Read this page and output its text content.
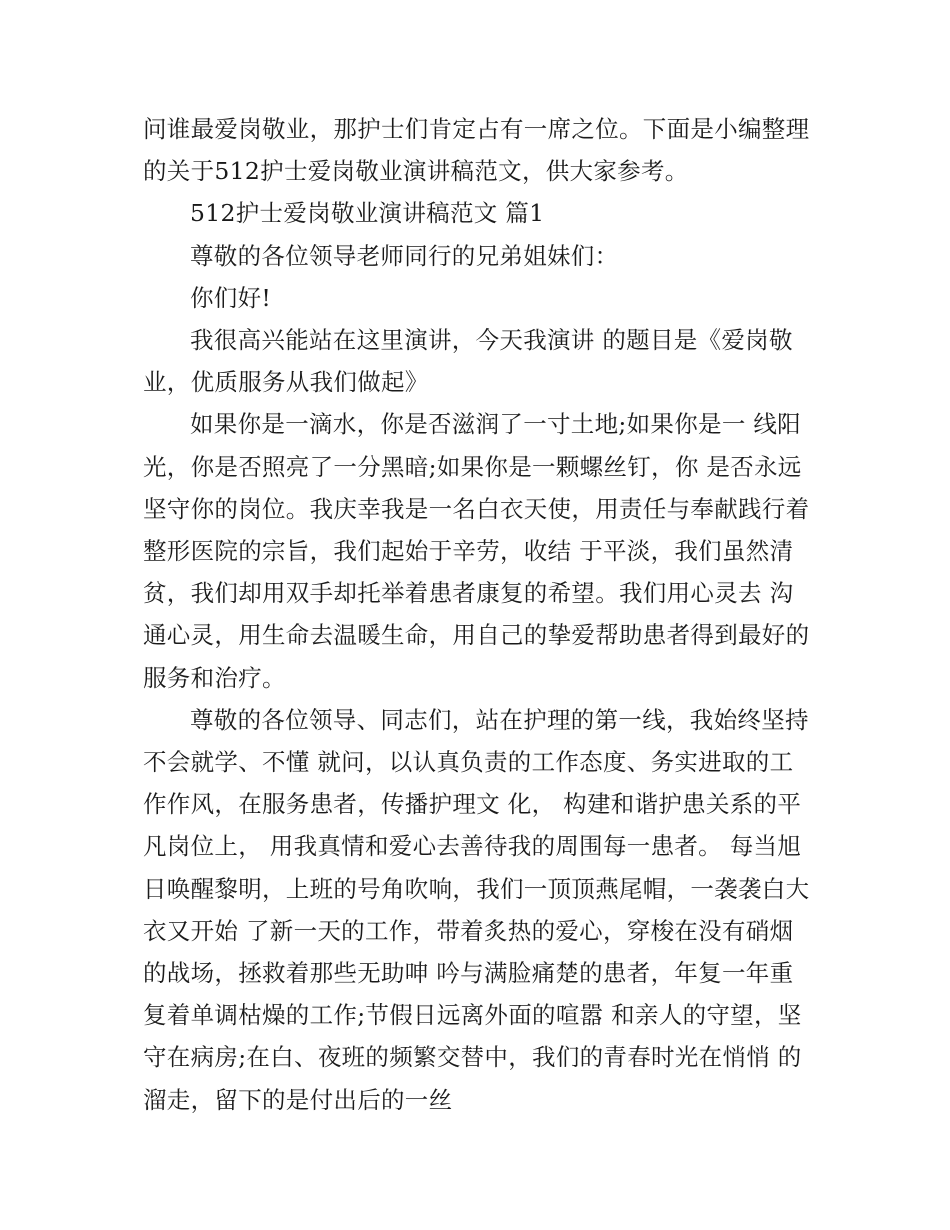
问谁最爱岗敬业，那护士们肯定占有一席之位。下面是小编整理的关于512护士爱岗敬业演讲稿范文，供大家参考。

512护士爱岗敬业演讲稿范文 篇1

尊敬的各位领导老师同行的兄弟姐妹们：

你们好!

我很高兴能站在这里演讲，今天我演讲 的题目是《爱岗敬业，优质服务从我们做起》

如果你是一滴水，你是否滋润了一寸土地;如果你是一 线阳光，你是否照亮了一分黑暗;如果你是一颗螺丝钉，你 是否永远坚守你的岗位。我庆幸我是一名白衣天使，用责任与奉献践行着整形医院的宗旨，我们起始于辛劳，收结 于平淡，我们虽然清贫，我们却用双手却托举着患者康复的希望。我们用心灵去 沟通心灵，用生命去温暖生命，用自己的挚爱帮助患者得到最好的服务和治疗。

尊敬的各位领导、同志们，站在护理的第一线，我始终坚持不会就学、不懂 就问，以认真负责的工作态度、务实进取的工作作风，在服务患者，传播护理文 化， 构建和谐护患关系的平凡岗位上， 用我真情和爱心去善待我的周围每一患者。 每当旭日唤醒黎明，上班的号角吹响，我们一顶顶燕尾帽，一袭袭白大衣又开始 了新一天的工作，带着炙热的爱心，穿梭在没有硝烟的战场，拯救着那些无助呻 吟与满脸痛楚的患者，年复一年重复着单调枯燥的工作;节假日远离外面的喧嚣 和亲人的守望，坚守在病房;在白、夜班的频繁交替中，我们的青春时光在悄悄 的溜走，留下的是付出后的一丝
